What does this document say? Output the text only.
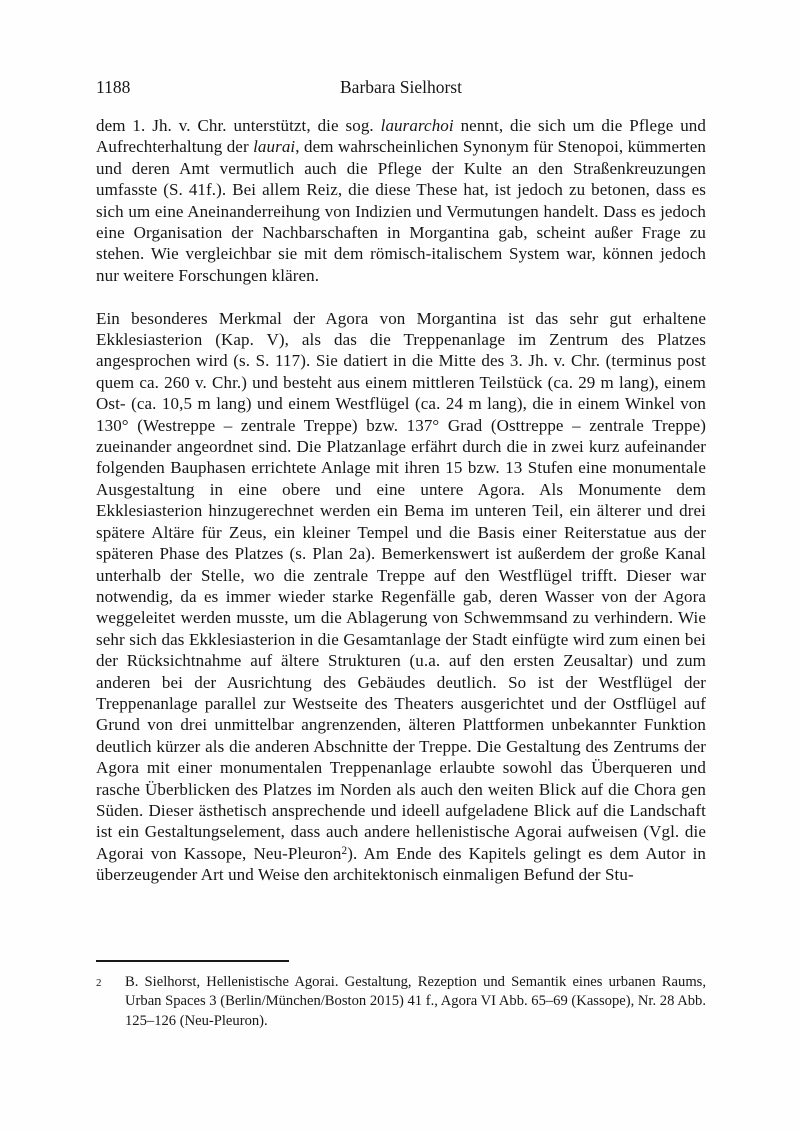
1188	Barbara Sielhorst

dem 1. Jh. v. Chr. unterstützt, die sog. laurarchoi nennt, die sich um die Pflege und Aufrechterhaltung der laurai, dem wahrscheinlichen Synonym für Stenopoi, kümmerten und deren Amt vermutlich auch die Pflege der Kulte an den Straßenkreuzungen umfasste (S. 41f.). Bei allem Reiz, die diese These hat, ist jedoch zu betonen, dass es sich um eine Aneinanderreihung von Indizien und Vermutungen handelt. Dass es jedoch eine Organisation der Nachbarschaften in Morgantina gab, scheint außer Frage zu stehen. Wie vergleichbar sie mit dem römisch-italischem System war, können jedoch nur weitere Forschungen klären.

Ein besonderes Merkmal der Agora von Morgantina ist das sehr gut erhaltene Ekklesiasterion (Kap. V), als das die Treppenanlage im Zentrum des Platzes angesprochen wird (s. S. 117). Sie datiert in die Mitte des 3. Jh. v. Chr. (terminus post quem ca. 260 v. Chr.) und besteht aus einem mittleren Teilstück (ca. 29 m lang), einem Ost- (ca. 10,5 m lang) und einem Westflügel (ca. 24 m lang), die in einem Winkel von 130° (Westreppe – zentrale Treppe) bzw. 137° Grad (Osttreppe – zentrale Treppe) zueinander angeordnet sind. Die Platzanlage erfährt durch die in zwei kurz aufeinander folgenden Bauphasen errichtete Anlage mit ihren 15 bzw. 13 Stufen eine monumentale Ausgestaltung in eine obere und eine untere Agora. Als Monumente dem Ekklesiasterion hinzugerechnet werden ein Bema im unteren Teil, ein älterer und drei spätere Altäre für Zeus, ein kleiner Tempel und die Basis einer Reiterstatue aus der späteren Phase des Platzes (s. Plan 2a). Bemerkenswert ist außerdem der große Kanal unterhalb der Stelle, wo die zentrale Treppe auf den Westflügel trifft. Dieser war notwendig, da es immer wieder starke Regenfälle gab, deren Wasser von der Agora weggeleitet werden musste, um die Ablagerung von Schwemmsand zu verhindern. Wie sehr sich das Ekklesiasterion in die Gesamtanlage der Stadt einfügte wird zum einen bei der Rücksichtnahme auf ältere Strukturen (u.a. auf den ersten Zeusaltar) und zum anderen bei der Ausrichtung des Gebäudes deutlich. So ist der Westflügel der Treppenanlage parallel zur Westseite des Theaters ausgerichtet und der Ostflügel auf Grund von drei unmittelbar angrenzenden, älteren Plattformen unbekannter Funktion deutlich kürzer als die anderen Abschnitte der Treppe. Die Gestaltung des Zentrums der Agora mit einer monumentalen Treppenanlage erlaubte sowohl das Überqueren und rasche Überblicken des Platzes im Norden als auch den weiten Blick auf die Chora gen Süden. Dieser ästhetisch ansprechende und ideell aufgeladene Blick auf die Landschaft ist ein Gestaltungselement, dass auch andere hellenistische Agorai aufweisen (Vgl. die Agorai von Kassope, Neu-Pleuron$^2$). Am Ende des Kapitels gelingt es dem Autor in überzeugender Art und Weise den architektonisch einmaligen Befund der Stu-

2	B. Sielhorst, Hellenistische Agorai. Gestaltung, Rezeption und Semantik eines urbanen Raums, Urban Spaces 3 (Berlin/München/Boston 2015) 41 f., Agora VI Abb. 65–69 (Kassope), Nr. 28 Abb. 125–126 (Neu-Pleuron).
